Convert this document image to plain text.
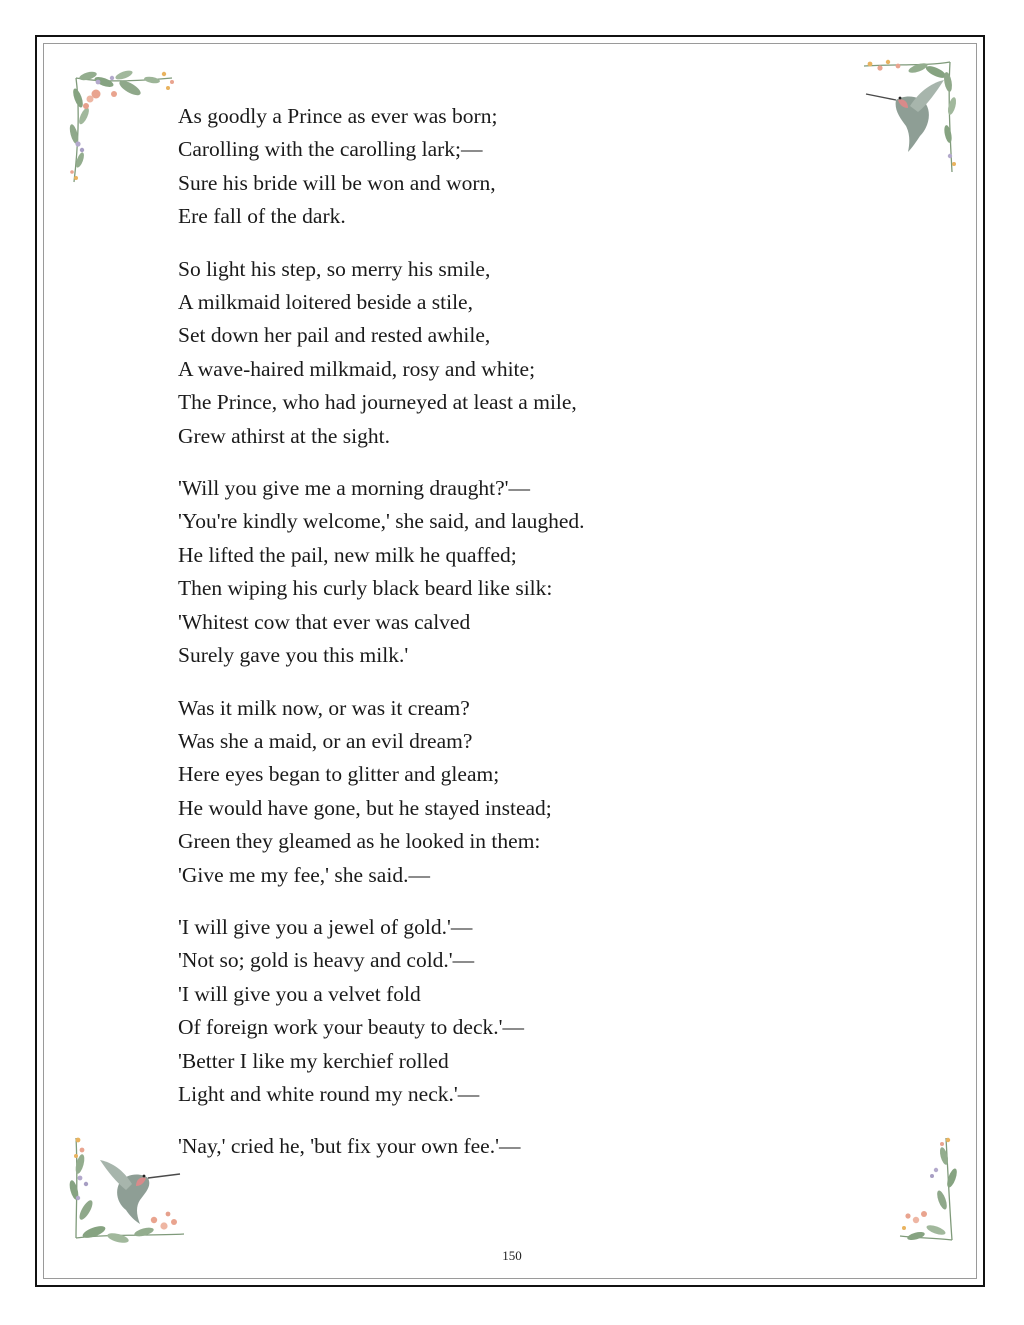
As goodly a Prince as ever was born;
Carolling with the carolling lark;—
Sure his bride will be won and worn,
Ere fall of the dark.
So light his step, so merry his smile,
A milkmaid loitered beside a stile,
Set down her pail and rested awhile,
A wave-haired milkmaid, rosy and white;
The Prince, who had journeyed at least a mile,
Grew athirst at the sight.
'Will you give me a morning draught?'—
'You're kindly welcome,' she said, and laughed.
He lifted the pail, new milk he quaffed;
Then wiping his curly black beard like silk:
'Whitest cow that ever was calved
Surely gave you this milk.'
Was it milk now, or was it cream?
Was she a maid, or an evil dream?
Here eyes began to glitter and gleam;
He would have gone, but he stayed instead;
Green they gleamed as he looked in them:
'Give me my fee,' she said.—
'I will give you a jewel of gold.'—
'Not so; gold is heavy and cold.'—
'I will give you a velvet fold
Of foreign work your beauty to deck.'—
'Better I like my kerchief rolled
Light and white round my neck.'—
'Nay,' cried he, 'but fix your own fee.'—
150
